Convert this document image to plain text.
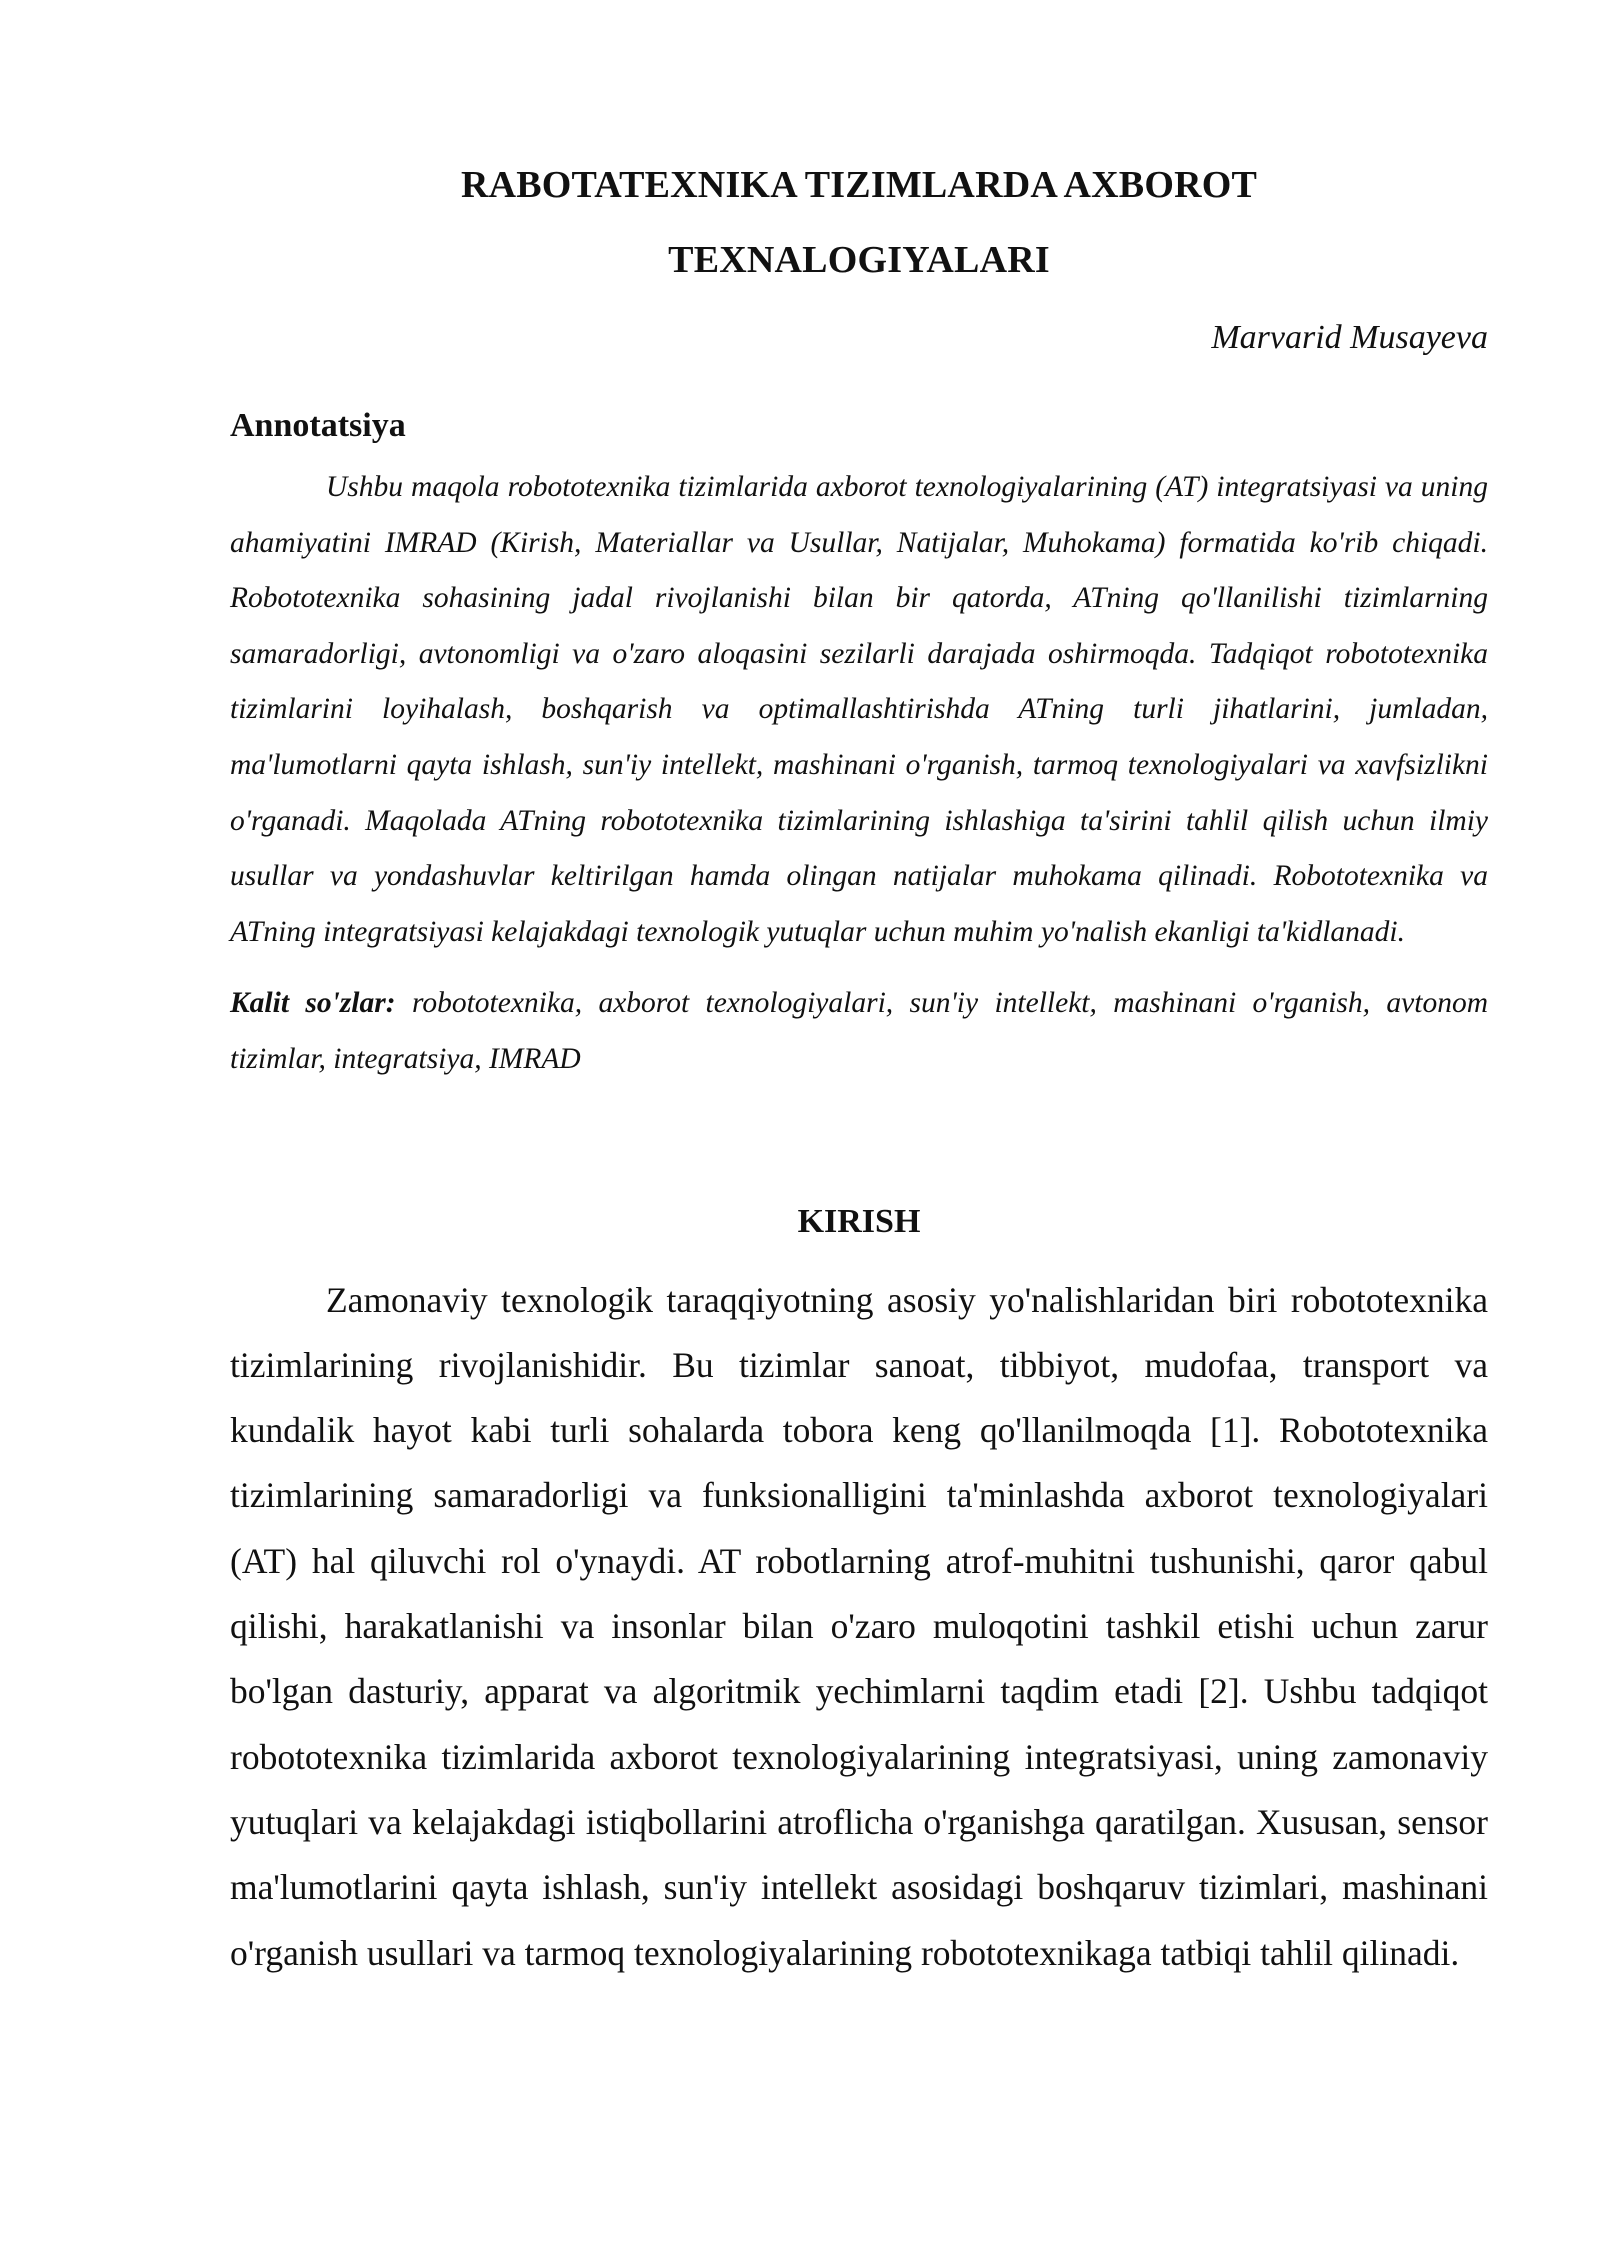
RABOTATEXNIKA TIZIMLARDA AXBOROT

TEXNALOGIYALARI

Marvarid Musayeva

Annotatsiya

Ushbu maqola robototexnika tizimlarida axborot texnologiyalarining (AT) integratsiyasi va uning ahamiyatini IMRAD (Kirish, Materiallar va Usullar, Natijalar, Muhokama) formatida ko'rib chiqadi. Robototexnika sohasining jadal rivojlanishi bilan bir qatorda, ATning qo'llanilishi tizimlarning samaradorligi, avtonomligi va o'zaro aloqasini sezilarli darajada oshirmoqda. Tadqiqot robototexnika tizimlarini loyihalash, boshqarish va optimallashtirishda ATning turli jihatlarini, jumladan, ma'lumotlarni qayta ishlash, sun'iy intellekt, mashinani o'rganish, tarmoq texnologiyalari va xavfsizlikni o'rganadi. Maqolada ATning robototexnika tizimlarining ishlashiga ta'sirini tahlil qilish uchun ilmiy usullar va yondashuvlar keltirilgan hamda olingan natijalar muhokama qilinadi. Robototexnika va ATning integratsiyasi kelajakdagi texnologik yutuqlar uchun muhim yo'nalish ekanligi ta'kidlanadi.

Kalit so'zlar: robototexnika, axborot texnologiyalari, sun'iy intellekt, mashinani o'rganish, avtonom tizimlar, integratsiya, IMRAD

KIRISH

Zamonaviy texnologik taraqqiyotning asosiy yo'nalishlaridan biri robototexnika tizimlarining rivojlanishidir. Bu tizimlar sanoat, tibbiyot, mudofaa, transport va kundalik hayot kabi turli sohalarda tobora keng qo'llanilmoqda [1]. Robototexnika tizimlarining samaradorligi va funksionalligini ta'minlashda axborot texnologiyalari (AT) hal qiluvchi rol o'ynaydi. AT robotlarning atrof-muhitni tushunishi, qaror qabul qilishi, harakatlanishi va insonlar bilan o'zaro muloqotini tashkil etishi uchun zarur bo'lgan dasturiy, apparat va algoritmik yechimlarni taqdim etadi [2]. Ushbu tadqiqot robototexnika tizimlarida axborot texnologiyalarining integratsiyasi, uning zamonaviy yutuqlari va kelajakdagi istiqbollarini atroflicha o'rganishga qaratilgan. Xususan, sensor ma'lumotlarini qayta ishlash, sun'iy intellekt asosidagi boshqaruv tizimlari, mashinani o'rganish usullari va tarmoq texnologiyalarining robototexnikaga tatbiqi tahlil qilinadi.
